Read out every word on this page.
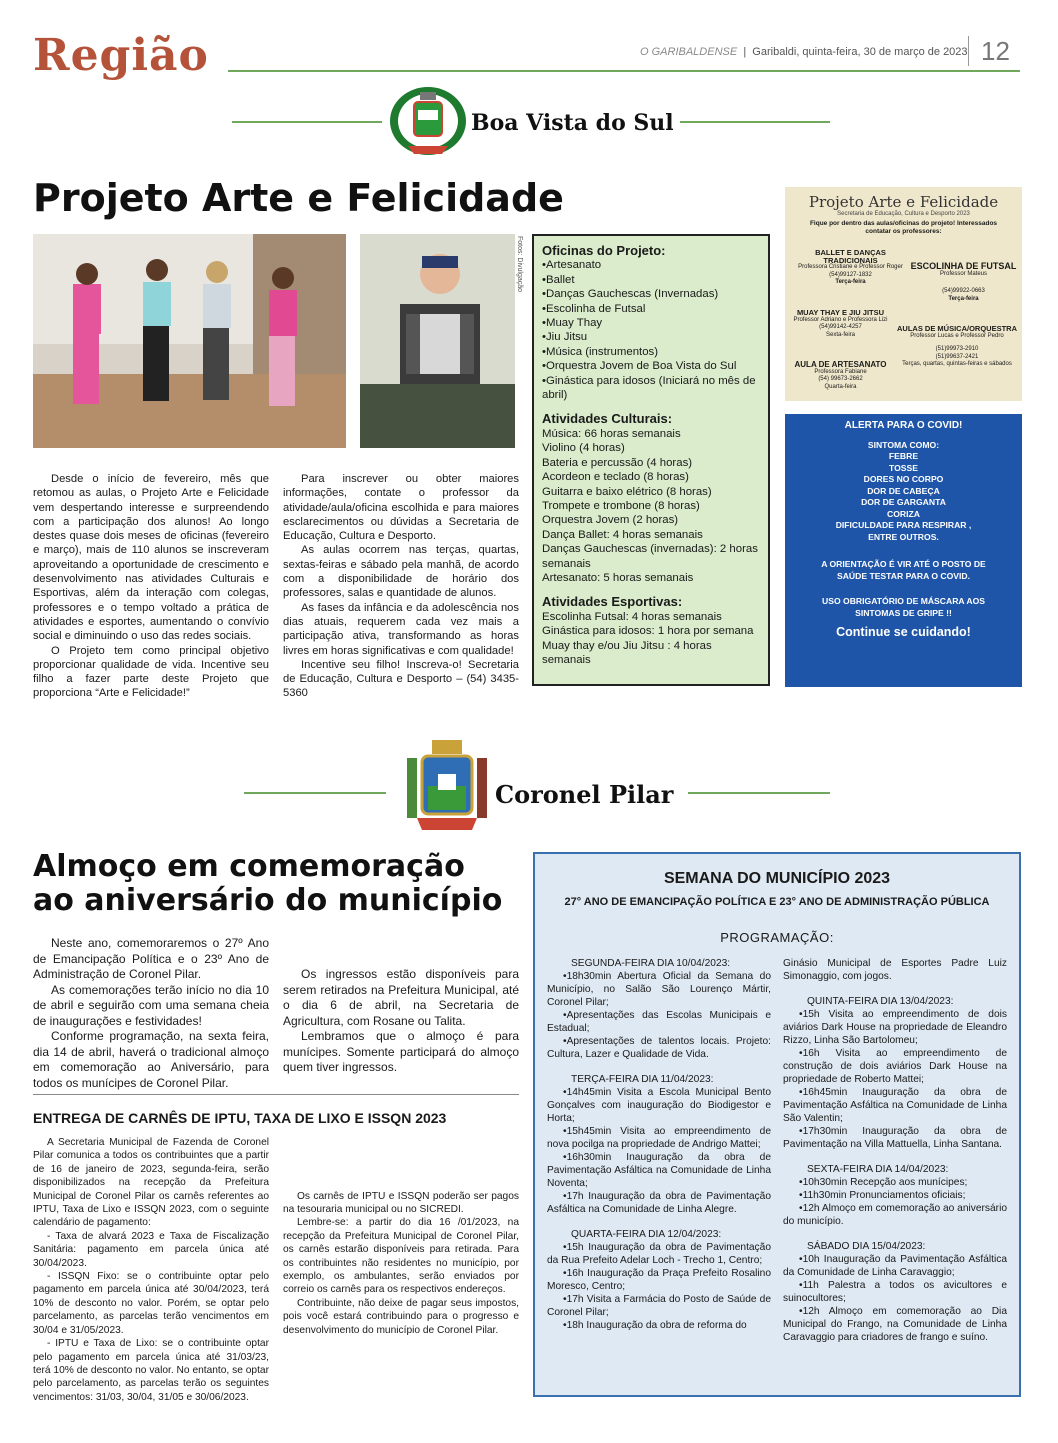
Região	O GARIBALDENSE  |  Garibaldi, quinta-feira, 30 de março de 2023 12
Boa Vista do Sul
Projeto Arte e Felicidade
Fotos: Divulgação

Desde o início de fevereiro, mês que retomou as aulas, o Projeto Arte e Felicidade vem despertando interesse e surpreendendo com a participação dos alunos! Ao longo destes quase dois meses de oficinas (fevereiro e março), mais de 110 alunos se inscreveram aproveitando a oportunidade de crescimento e desenvolvimento nas atividades Culturais e Esportivas, além da interação com colegas, professores e o tempo voltado a prática de atividades e esportes, aumentando o convívio social e diminuindo o uso das redes sociais.

O Projeto tem como principal objetivo proporcionar qualidade de vida. Incentive seu filho a fazer parte deste Projeto que proporciona “Arte e Felicidade!”

Para inscrever ou obter maiores informações, contate o professor da atividade/aula/oficina escolhida e para maiores esclarecimentos ou dúvidas a Secretaria de Educação, Cultura e Desporto.

As aulas ocorrem nas terças, quartas, sextas-feiras e sábado pela manhã, de acordo com a disponibilidade de horário dos professores, salas e quantidade de alunos.

As fases da infância e da adolescência nos dias atuais, requerem cada vez mais a participação ativa, transformando as horas livres em horas significativas e com qualidade!

Incentive seu filho! Inscreva-o! Secretaria de Educação, Cultura e Desporto – (54) 3435-5360

Oficinas do Projeto:
•Artesanato
•Ballet
•Danças Gauchescas (Invernadas)
•Escolinha de Futsal
•Muay Thay
•Jiu Jitsu
•Música (instrumentos)
•Orquestra Jovem de Boa Vista do Sul
•Ginástica para idosos (Iniciará no mês de abril)
Atividades Culturais:
Música: 66 horas semanais
Violino (4 horas)
Bateria e percussão (4 horas)
Acordeon e teclado (8 horas)
Guitarra e baixo elétrico (8 horas)
Trompete e trombone (8 horas)
Orquestra Jovem (2 horas)
Dança Ballet: 4 horas semanais
Danças Gauchescas (invernadas): 2 horas semanais
Artesanato: 5 horas semanais
Atividades Esportivas:
Escolinha Futsal: 4 horas semanais
Ginástica para idosos: 1 hora por semana
Muay thay e/ou Jiu Jitsu : 4 horas semanais
Projeto Arte e Felicidade
Secretaria de Educação, Cultura e Desporto 2023
Fique por dentro das aulas/oficinas do projeto! Interessados contatar os professores:
BALLET E DANÇAS TRADICIONAIS
Professora Cristiane e Professor Roger
(54)99127-1832
Terça-feira
ESCOLINHA DE FUTSAL
Professor Mateus
(54)99922-0663
Terça-feira
MUAY THAY E JIU JITSU
Professor Adriano e Professora Lizi
(54)99142-4257
Sexta-feira
AULAS DE MÚSICA/ORQUESTRA
Professor Lucas e Professor Pedro
(51)99973-2910
(51)99637-2421
Terças, quartas, quintas-feiras e sábados
AULA DE ARTESANATO
Professora Fabiane
(54) 99673-2662
Quarta-feira
ALERTA PARA O COVID!
SINTOMA COMO:
FEBRE
TOSSE
DORES NO CORPO
DOR DE CABEÇA
DOR DE GARGANTA
CORIZA
DIFICULDADE PARA RESPIRAR ,
ENTRE OUTROS.
A ORIENTAÇÃO É VIR ATÉ O POSTO DE SAÚDE TESTAR PARA O COVID.
USO OBRIGATÓRIO DE MÁSCARA AOS SINTOMAS DE GRIPE !!
Continue se cuidando!
Coronel Pilar
Almoço em comemoração ao aniversário do município

Neste ano, comemoraremos o 27º Ano de Emancipação Política e o 23º Ano de Administração de Coronel Pilar.

As comemorações terão início no dia 10 de abril e seguirão com uma semana cheia de inaugurações e festividades!

Conforme programação, na sexta feira, dia 14 de abril, haverá o tradicional almoço em comemoração ao Aniversário, para todos os munícipes de Coronel Pilar.

Os ingressos estão disponíveis para serem retirados na Prefeitura Municipal, até o dia 6 de abril, na Secretaria de Agricultura, com Rosane ou Talita.

Lembramos que o almoço é para munícipes. Somente participará do almoço quem tiver ingressos.

ENTREGA DE CARNÊS DE IPTU, TAXA DE LIXO E ISSQN 2023

A Secretaria Municipal de Fazenda de Coronel Pilar comunica a todos os contribuintes que a partir de 16 de janeiro de 2023, segunda-feira, serão disponibilizados na recepção da Prefeitura Municipal de Coronel Pilar os carnês referentes ao IPTU, Taxa de Lixo e ISSQN 2023, com o seguinte calendário de pagamento:

- Taxa de alvará 2023 e Taxa de Fiscalização Sanitária: pagamento em parcela única até 30/04/2023.

- ISSQN Fixo: se o contribuinte optar pelo pagamento em parcela única até 30/04/2023, terá 10% de desconto no valor. Porém, se optar pelo parcelamento, as parcelas terão vencimentos em 30/04 e 31/05/2023.

- IPTU e Taxa de Lixo: se o contribuinte optar pelo pagamento em parcela única até 31/03/23, terá 10% de desconto no valor. No entanto, se optar pelo parcelamento, as parcelas terão os seguintes vencimentos: 31/03, 30/04, 31/05 e 30/06/2023.

Os carnês de IPTU e ISSQN poderão ser pagos na tesouraria municipal ou no SICREDI.

Lembre-se: a partir do dia 16 /01/2023, na recepção da Prefeitura Municipal de Coronel Pilar, os carnês estarão disponíveis para retirada. Para os contribuintes não residentes no município, por exemplo, os ambulantes, serão enviados por correio os carnês para os respectivos endereços.

Contribuinte, não deixe de pagar seus impostos, pois você estará contribuindo para o progresso e desenvolvimento do município de Coronel Pilar.

SEMANA DO MUNICÍPIO 2023
27° ANO DE EMANCIPAÇÃO POLÍTICA E 23° ANO DE ADMINISTRAÇÃO PÚBLICA
PROGRAMAÇÃO:
SEGUNDA-FEIRA DIA 10/04/2023:
•18h30min Abertura Oficial da Semana do Município, no Salão São Lourenço Mártir, Coronel Pilar;
•Apresentações das Escolas Municipais e Estadual;
•Apresentações de talentos locais. Projeto: Cultura, Lazer e Qualidade de Vida.
TERÇA-FEIRA DIA 11/04/2023:
•14h45min Visita a Escola Municipal Bento Gonçalves com inauguração do Biodigestor e Horta;
•15h45min Visita ao empreendimento de nova pocilga na propriedade de Andrigo Mattei;
•16h30min Inauguração da obra de Pavimentação Asfáltica na Comunidade de Linha Noventa;
•17h Inauguração da obra de Pavimentação Asfáltica na Comunidade de Linha Alegre.
QUARTA-FEIRA DIA 12/04/2023:
•15h Inauguração da obra de Pavimentação da Rua Prefeito Adelar Loch - Trecho 1, Centro;
•16h Inauguração da Praça Prefeito Rosalino Moresco, Centro;
•17h Visita a Farmácia do Posto de Saúde de Coronel Pilar;
•18h Inauguração da obra de reforma do
Ginásio Municipal de Esportes Padre Luiz Simonaggio, com jogos.
QUINTA-FEIRA DIA 13/04/2023:
•15h Visita ao empreendimento de dois aviários Dark House na propriedade de Eleandro Rizzo, Linha São Bartolomeu;
•16h Visita ao empreendimento de construção de dois aviários Dark House na propriedade de Roberto Mattei;
•16h45min Inauguração da obra de Pavimentação Asfáltica na Comunidade de Linha São Valentin;
•17h30min Inauguração da obra de Pavimentação na Villa Mattuella, Linha Santana.
SEXTA-FEIRA DIA 14/04/2023:
•10h30min Recepção aos munícipes;
•11h30min Pronunciamentos oficiais;
•12h Almoço em comemoração ao aniversário do município.
SÁBADO DIA 15/04/2023:
•10h Inauguração da Pavimentação Asfáltica da Comunidade de Linha Caravaggio;
•11h Palestra a todos os avicultores e suinocultores;
•12h Almoço em comemoração ao Dia Municipal do Frango, na Comunidade de Linha Caravaggio para criadores de frango e suíno.
